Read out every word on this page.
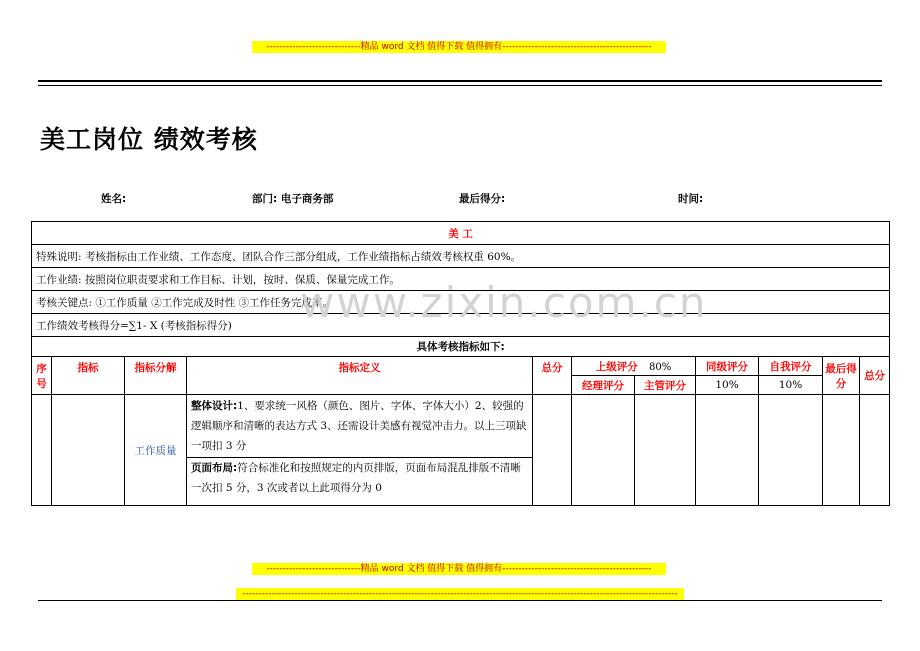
-----------------------------精品 word 文档 值得下载 值得拥有----------------------------------------------
美工岗位 绩效考核
姓名:	部门: 电子商务部	最后得分:	时间:
美 工										
特殊说明: 考核指标由工作业绩、工作态度、团队合作三部分组成，工作业绩指标占绩效考核权重 60%。										
工作业绩: 按照岗位职责要求和工作目标、计划，按时、保质、保量完成工作。										
考核关键点: ①工作质量 ②工作完成及时性 ③工作任务完成率。										
工作绩效考核得分=∑1- X (考核指标得分)										
具体考核指标如下:										
序号	指标	指标分解	指标定义	总分	上级评分 80%		同级评分	自我评分	最后得分	总分
					经理评分	主管评分	10%	10%		
		工作质量	整体设计:1、要求统一风格（颜色、图片、字体、字体大小）2、较强的逻辑顺序和清晰的表达方式 3、还需设计美感有视觉冲击力。以上三项缺一项扣 3 分							
			页面布局:符合标准化和按照规定的内页排版，页面布局混乱排版不清晰一次扣 5 分，3 次或者以上此项得分为 0							
www.zixin.com.cn
-----------------------------精品 word 文档 值得下载 值得拥有----------------------------------------------
--------------------------------------------------------------------------------------------------------------------------------------
